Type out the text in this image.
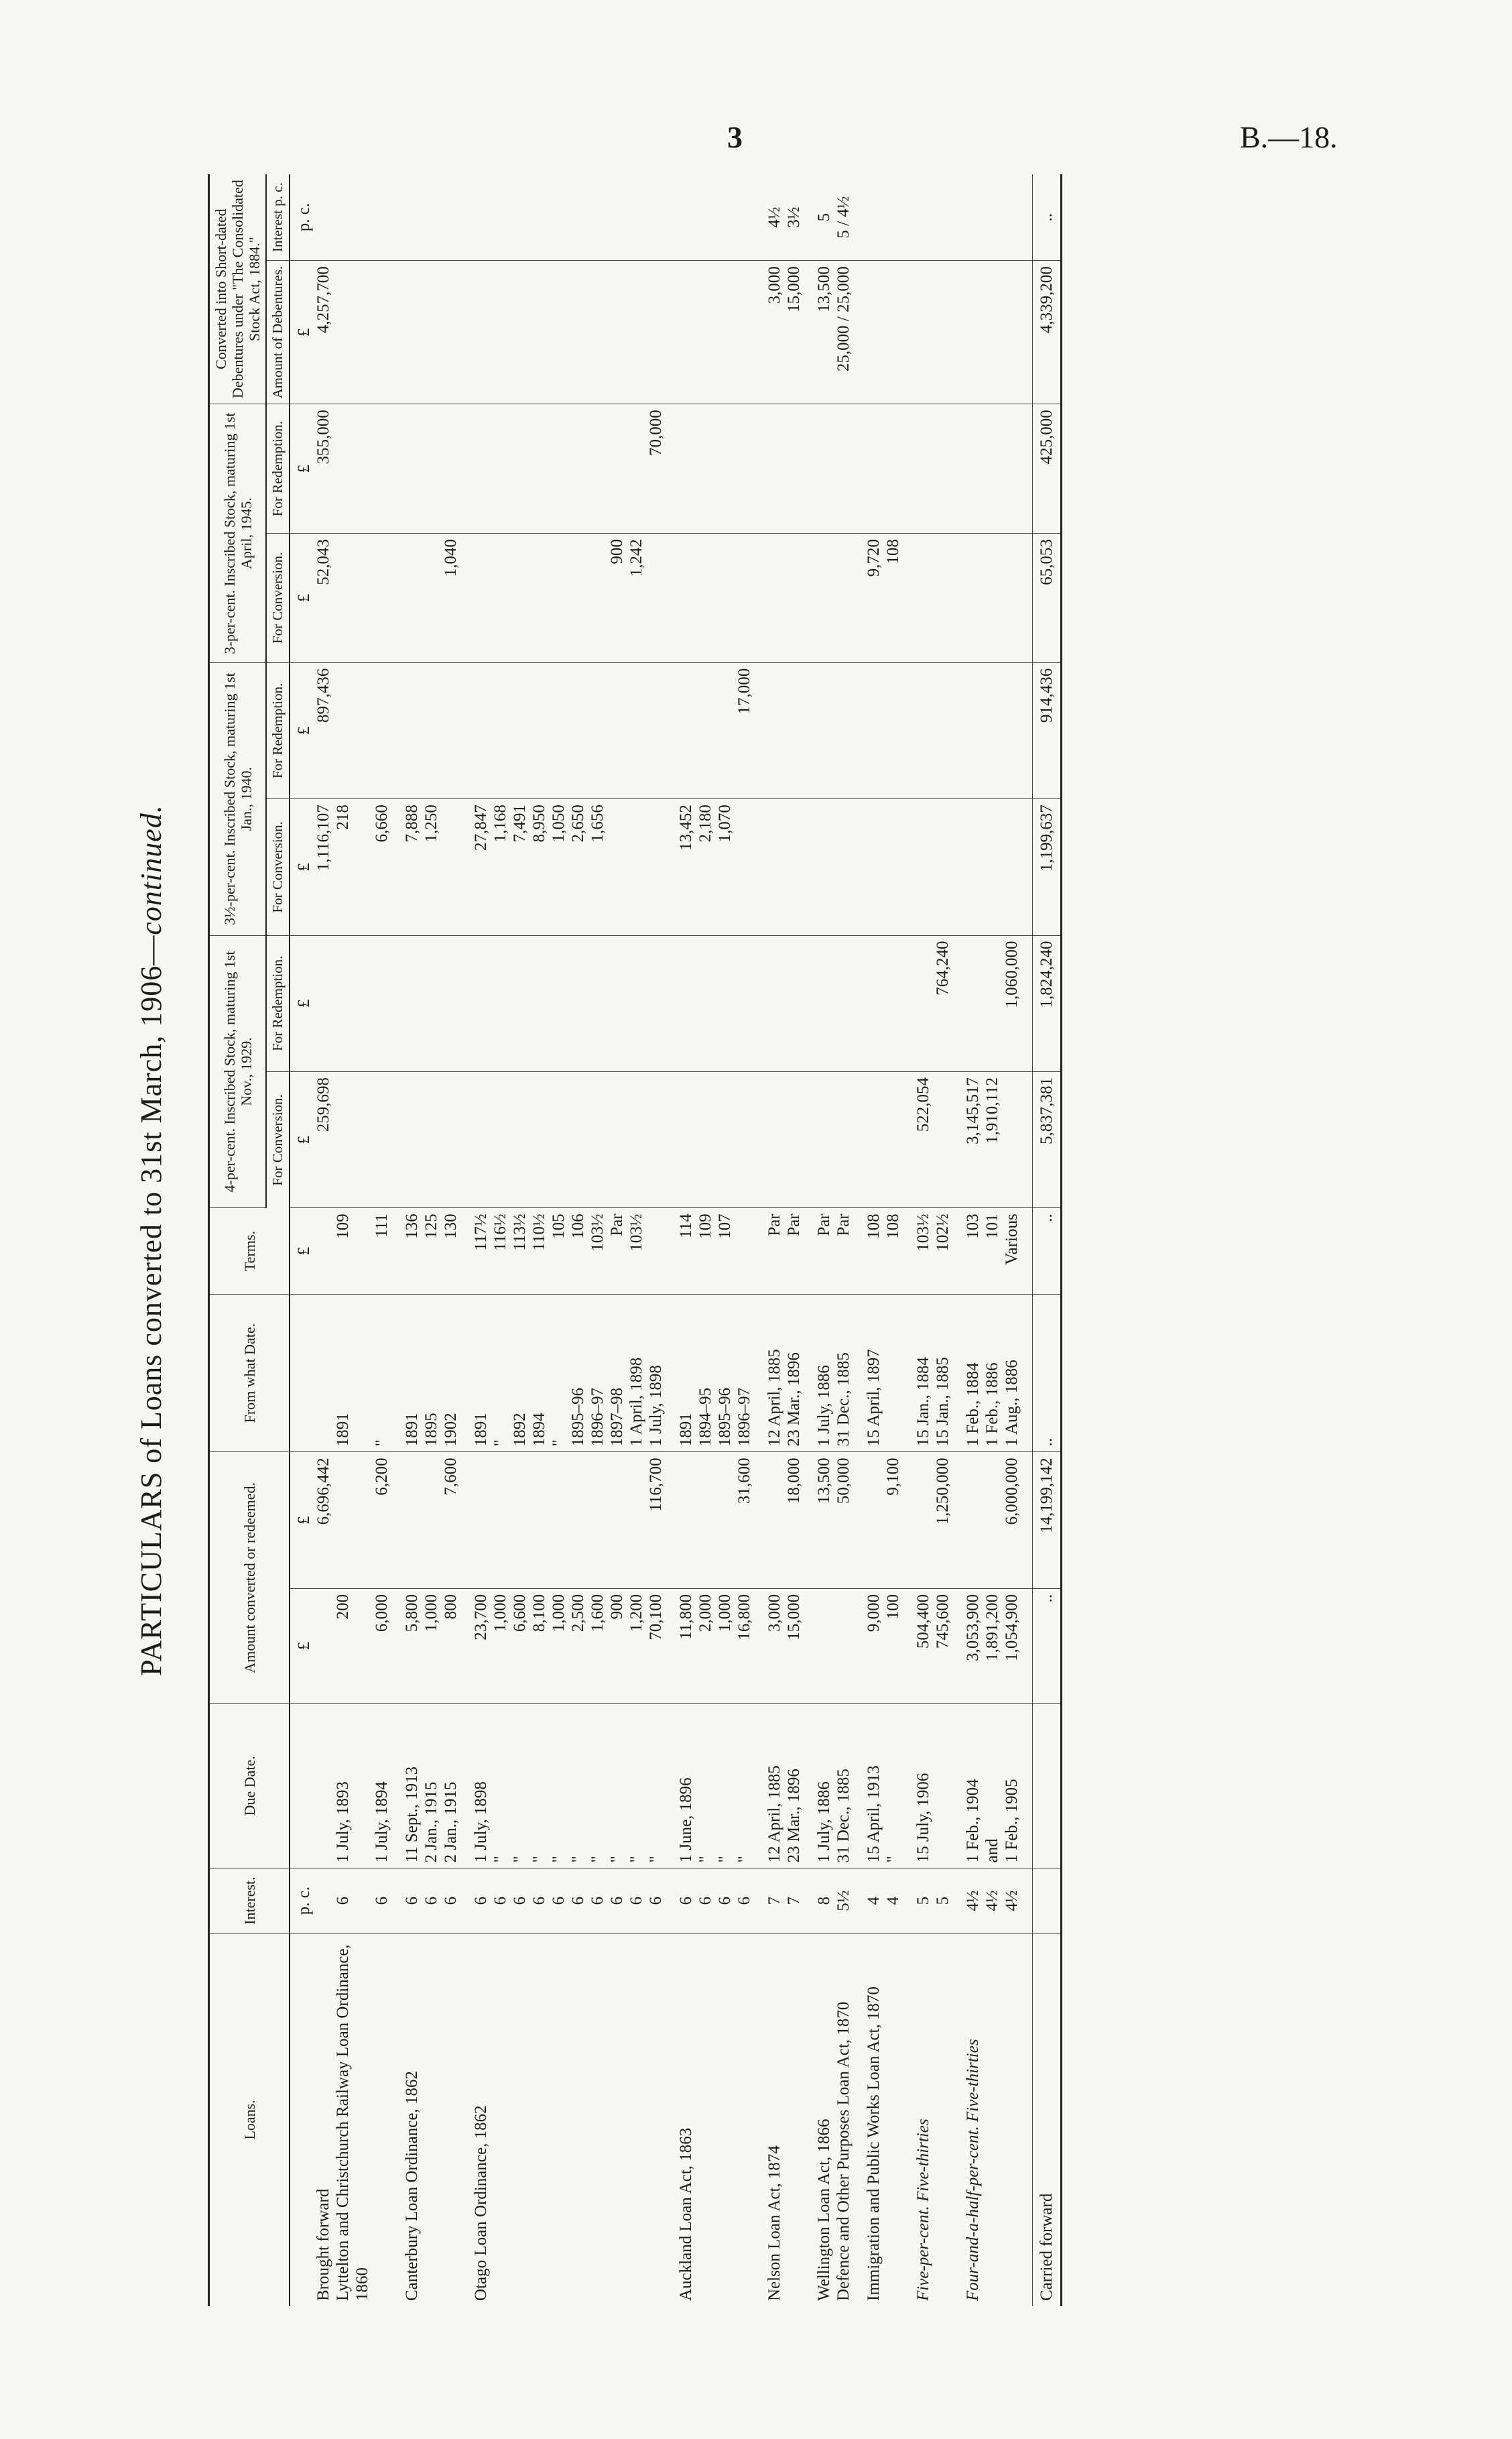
3	B.—18.
PARTICULARS of Loans converted to 31st March, 1906—continued.
Loans.	Interest.	Due Date.	Amount converted or redeemed.		From what Date.	Terms.	4-per-cent. Inscribed Stock, maturing 1st Nov., 1929.		3½-per-cent. Inscribed Stock, maturing 1st Jan., 1940.		3-per-cent. Inscribed Stock, maturing 1st April, 1945.		Converted into Short-dated Debentures under "The Consolidated Stock Act, 1884."	
							For Conversion.	For Redemption.	For Conversion.	For Redemption.	For Conversion.	For Redemption.	Amount of Debentures.	Interest p. c.
	p. c.		£	£		£	£	£	£	£	£	£	£	p. c.
Brought forward				6,696,442			259,698		1,116,107	897,436	52,043	355,000	4,257,700	
Lyttelton and Christchurch Railway Loan Ordinance, 1860	6	1 July, 1893	200		1891	109			218					
	6	1 July, 1894	6,000	6,200	"	111			6,660					

Canterbury Loan Ordinance, 1862	6	11 Sept., 1913	5,800		1891	136			7,888					
	6	2 Jan., 1915	1,000		1895	125			1,250					
	6	2 Jan., 1915	800	7,600	1902	130					1,040			

Otago Loan Ordinance, 1862	6	1 July, 1898	23,700		1891	117½			27,847					
	6	"	1,000		"	116½			1,168					
	6	"	6,600		1892	113½			7,491					
	6	"	8,100		1894	110½			8,950					
	6	"	1,000		"	105			1,050					
	6	"	2,500		1895–96	106			2,650					
	6	"	1,600		1896–97	103½			1,656					
	6	"	900		1897–98	Par					900			
	6	"	1,200		1 April, 1898	103½					1,242			
	6	"	70,100	116,700	1 July, 1898							70,000		

Auckland Loan Act, 1863	6	1 June, 1896	11,800		1891	114			13,452					
	6	"	2,000		1894–95	109			2,180					
	6	"	1,000		1895–96	107			1,070					
	6	"	16,800	31,600	1896–97					17,000				

Nelson Loan Act, 1874	7	12 April, 1885	3,000		12 April, 1885	Par							3,000	4½
	7	23 Mar., 1896	15,000	18,000	23 Mar., 1896	Par							15,000	3½

Wellington Loan Act, 1866	8	1 July, 1886		13,500	1 July, 1886	Par							13,500	5
Defence and Other Purposes Loan Act, 1870	5½	31 Dec., 1885		50,000	31 Dec., 1885	Par							25,000 / 25,000	5 / 4½

Immigration and Public Works Loan Act, 1870	4	15 April, 1913	9,000		15 April, 1897	108					9,720			
	4	"	100	9,100		108					108			

Five-per-cent. Five-thirties	5	15 July, 1906	504,400		15 Jan., 1884	103½	522,054							
	5		745,600	1,250,000	15 Jan., 1885	102½		764,240						

Four-and-a-half-per-cent. Five-thirties	4½	1 Feb., 1904	3,053,900		1 Feb., 1884	103	3,145,517							
	4½	and	1,891,200		1 Feb., 1886	101	1,910,112							
	4½	1 Feb., 1905	1,054,900	6,000,000	1 Aug., 1886	Various		1,060,000						

Carried forward			..	14,199,142	..	..	5,837,381	1,824,240	1,199,637	914,436	65,053	425,000	4,339,200	..
